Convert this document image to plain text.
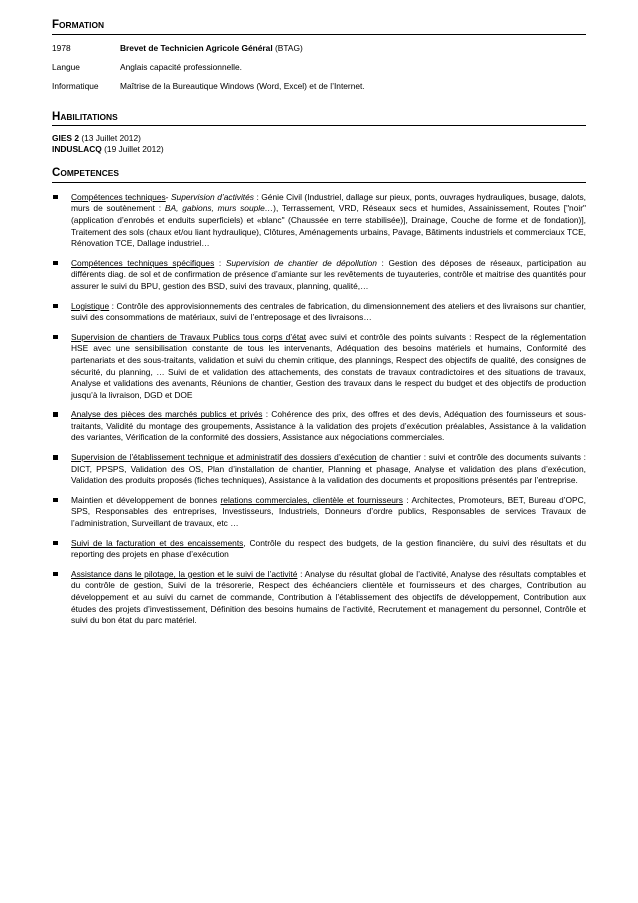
FORMATION
1978	Brevet de Technicien Agricole Général (BTAG)
Langue	Anglais capacité professionnelle.
Informatique	Maîtrise de la Bureautique Windows (Word, Excel) et de l’Internet.
HABILITATIONS
GIES 2 (13 Juillet 2012)
INDUSLACQ (19 Juillet 2012)
COMPETENCES
Compétences techniques- Supervision d’activités : Génie Civil (Industriel, dallage sur pieux, ponts, ouvrages hydrauliques, busage, dalots, murs de soutènement : BA, gabions, murs souple…), Terrassement, VRD, Réseaux secs et humides, Assainissement, Routes ["noir" (application d’enrobés et enduits superficiels) et «blanc" (Chaussée en terre stabilisée)], Drainage, Couche de forme et de fondation)], Traitement des sols (chaux et/ou liant hydraulique), Clôtures, Aménagements urbains, Pavage, Bâtiments industriels et commerciaux TCE, Rénovation TCE, Dallage industriel…
Compétences techniques spécifiques : Supervision de chantier de dépollution : Gestion des déposes de réseaux, participation au différents diag. de sol et de confirmation de présence d’amiante sur les revêtements de tuyauteries, contrôle et maitrise des quantités pour assurer le suivi du BPU, gestion des BSD, suivi des travaux, planning, qualité,…
Logistique : Contrôle des approvisionnements des centrales de fabrication, du dimensionnement des ateliers et des livraisons sur chantier, suivi des consommations de matériaux, suivi de l’entreposage et des livraisons…
Supervision de chantiers de Travaux Publics tous corps d’état avec suivi et contrôle des points suivants : Respect de la réglementation HSE avec une sensibilisation constante de tous les intervenants, Adéquation des besoins matériels et humains, Conformité des partenariats et des sous-traitants, validation et suivi du chemin critique, des plannings, Respect des objectifs de qualité, des consignes de sécurité, du planning, … Suivi de et validation des attachements, des constats de travaux contradictoires et des situations de travaux, Analyse et validations des avenants, Réunions de chantier, Gestion des travaux dans le respect du budget et des objectifs de production jusqu’à la livraison, DGD et DOE
Analyse des pièces des marchés publics et privés : Cohérence des prix, des offres et des devis, Adéquation des fournisseurs et sous-traitants, Validité du montage des groupements, Assistance à la validation des projets d’exécution préalables, Assistance à la validation des variantes, Vérification de la conformité des dossiers, Assistance aux négociations commerciales.
Supervision de l’établissement technique et administratif des dossiers d’exécution de chantier : suivi et contrôle des documents suivants : DICT, PPSPS, Validation des OS, Plan d’installation de chantier, Planning et phasage, Analyse et validation des plans d’exécution, Validation des produits proposés (fiches techniques), Assistance à la validation des documents et propositions présentés par l’entreprise.
Maintien et développement de bonnes relations commerciales, clientèle et fournisseurs : Architectes, Promoteurs, BET, Bureau d’OPC, SPS, Responsables des entreprises, Investisseurs, Industriels, Donneurs d’ordre publics, Responsables de services Travaux de l’administration, Surveillant de travaux, etc …
Suivi de la facturation et des encaissements, Contrôle du respect des budgets, de la gestion financière, du suivi des résultats et du reporting des projets en phase d’exécution
Assistance dans le pilotage, la gestion et le suivi de l’activité : Analyse du résultat global de l’activité, Analyse des résultats comptables et du contrôle de gestion, Suivi de la trésorerie, Respect des échéanciers clientèle et fournisseurs et des charges, Contribution au développement et au suivi du carnet de commande, Contribution à l’établissement des objectifs de développement, Contribution aux études des projets d’investissement, Définition des besoins humains de l’activité, Recrutement et management du personnel, Contrôle et suivi du bon état du parc matériel.
